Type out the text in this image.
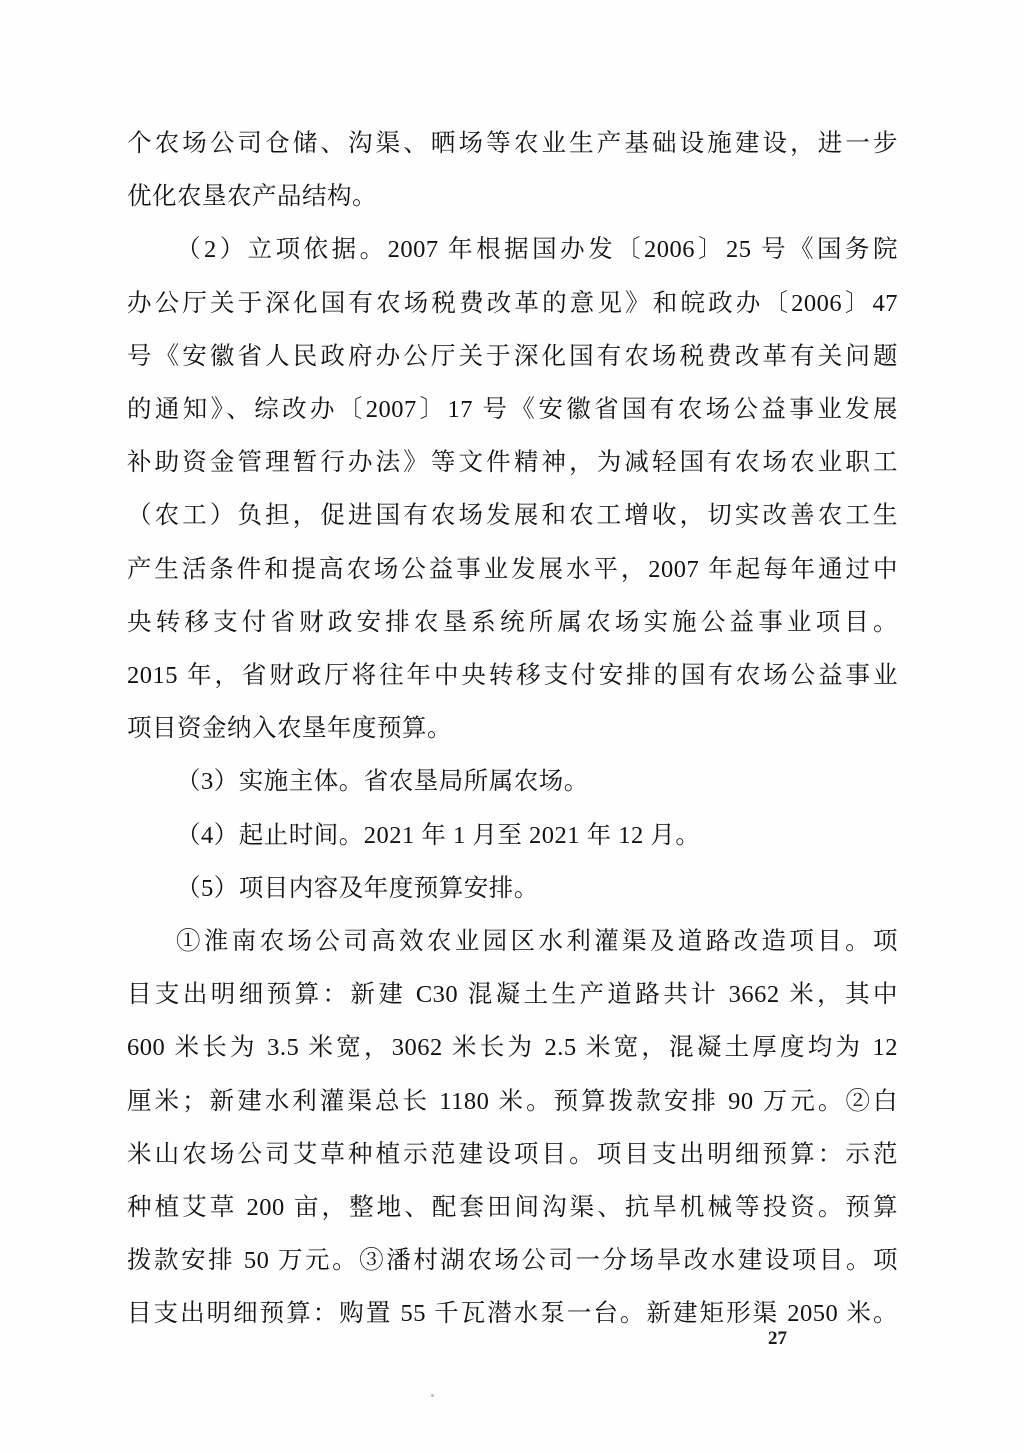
个农场公司仓储、沟渠、晒场等农业生产基础设施建设，进一步

优化农垦农产品结构。

（2）立项依据。2007 年根据国办发〔2006〕25 号《国务院

办公厅关于深化国有农场税费改革的意见》和皖政办〔2006〕47

号《安徽省人民政府办公厅关于深化国有农场税费改革有关问题

的通知》、综改办〔2007〕17 号《安徽省国有农场公益事业发展

补助资金管理暂行办法》等文件精神，为减轻国有农场农业职工

（农工）负担，促进国有农场发展和农工增收，切实改善农工生

产生活条件和提高农场公益事业发展水平，2007 年起每年通过中

央转移支付省财政安排农垦系统所属农场实施公益事业项目。

2015 年，省财政厅将往年中央转移支付安排的国有农场公益事业

项目资金纳入农垦年度预算。

（3）实施主体。省农垦局所属农场。

（4）起止时间。2021 年 1 月至 2021 年 12 月。

（5）项目内容及年度预算安排。

①淮南农场公司高效农业园区水利灌渠及道路改造项目。项

目支出明细预算：新建 C30 混凝土生产道路共计 3662 米，其中

600 米长为 3.5 米宽，3062 米长为 2.5 米宽，混凝土厚度均为 12

厘米；新建水利灌渠总长 1180 米。预算拨款安排 90 万元。②白

米山农场公司艾草种植示范建设项目。项目支出明细预算：示范

种植艾草 200 亩，整地、配套田间沟渠、抗旱机械等投资。预算

拨款安排 50 万元。③潘村湖农场公司一分场旱改水建设项目。项

目支出明细预算：购置 55 千瓦潜水泵一台。新建矩形渠 2050 米。

27
